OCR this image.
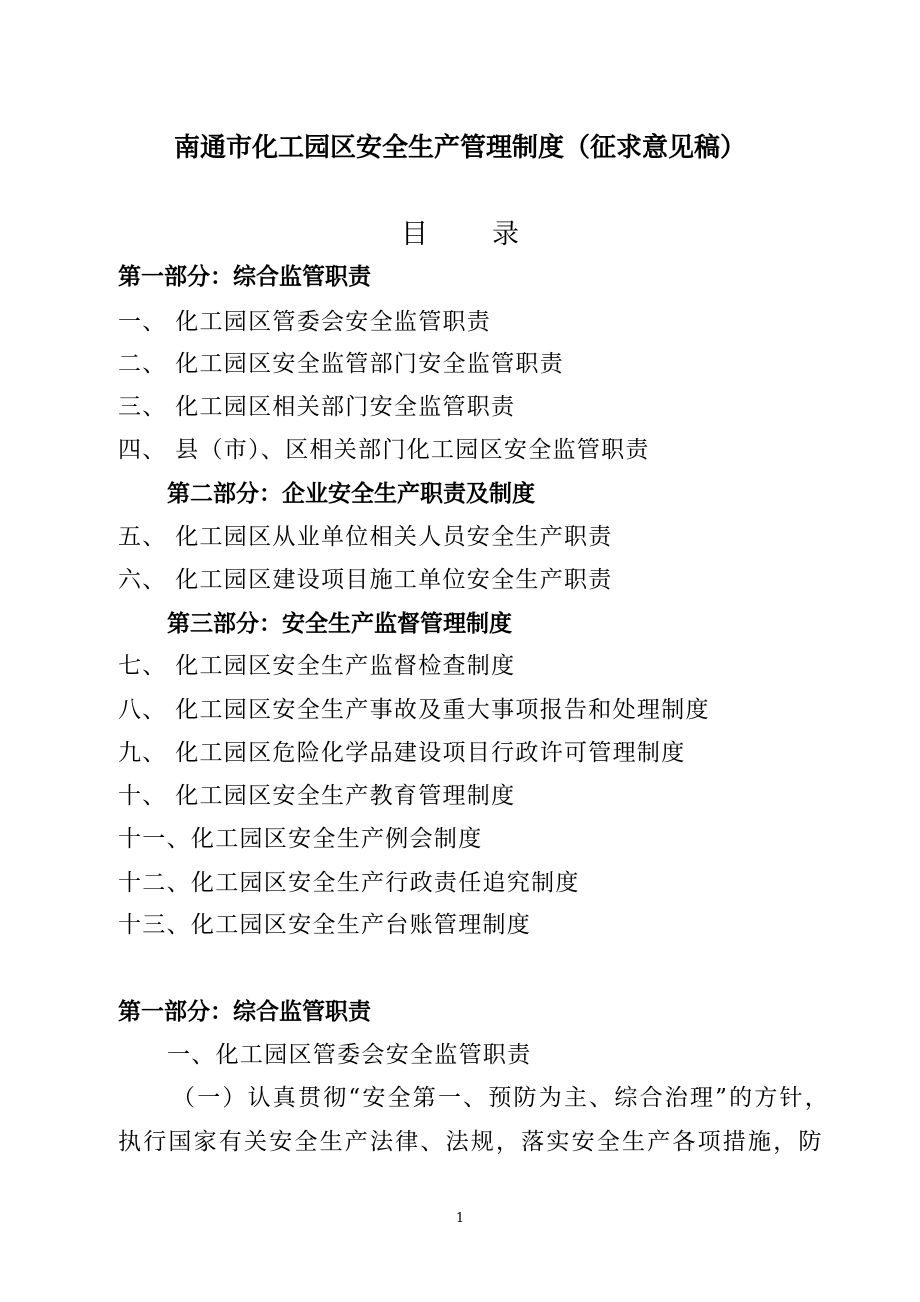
南通市化工园区安全生产管理制度（征求意见稿）
目 录
第一部分：综合监管职责
一、 化工园区管委会安全监管职责
二、 化工园区安全监管部门安全监管职责
三、 化工园区相关部门安全监管职责
四、 县（市）、区相关部门化工园区安全监管职责
第二部分：企业安全生产职责及制度
五、 化工园区从业单位相关人员安全生产职责
六、 化工园区建设项目施工单位安全生产职责
第三部分：安全生产监督管理制度
七、 化工园区安全生产监督检查制度
八、 化工园区安全生产事故及重大事项报告和处理制度
九、 化工园区危险化学品建设项目行政许可管理制度
十、 化工园区安全生产教育管理制度
十一、化工园区安全生产例会制度
十二、化工园区安全生产行政责任追究制度
十三、化工园区安全生产台账管理制度
第一部分：综合监管职责
一、化工园区管委会安全监管职责
（一）认真贯彻“安全第一、预防为主、综合治理”的方针，
执行国家有关安全生产法律、法规，落实安全生产各项措施，防
1
